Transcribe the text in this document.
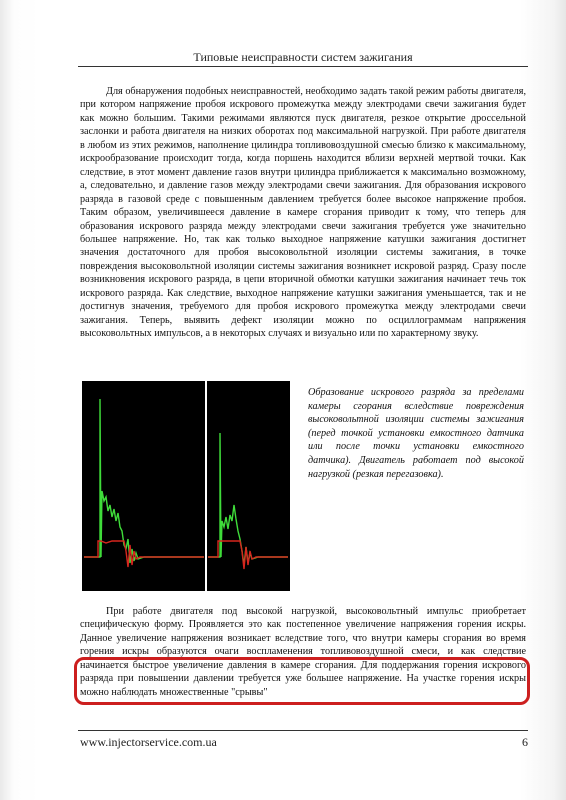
Типовые неисправности систем зажигания

Для обнаружения подобных неисправностей, необходимо задать такой режим работы двигателя, при котором напряжение пробоя искрового промежутка между электродами свечи зажигания будет как можно большим. Такими режимами являются пуск двигателя, резкое открытие дроссельной заслонки и работа двигателя на низких оборотах под максимальной нагрузкой. При работе двигателя в любом из этих режимов, наполнение цилиндра топливовоздушной смесью близко к максимальному, искрообразование происходит тогда, когда поршень находится вблизи верхней мертвой точки. Как следствие, в этот момент давление газов внутри цилиндра приближается к максимально возможному, а, следовательно, и давление газов между электродами свечи зажигания. Для образования искрового разряда в газовой среде с повышенным давлением требуется более высокое напряжение пробоя. Таким образом, увеличившееся давление в камере сгорания приводит к тому, что теперь для образования искрового разряда между электродами свечи зажигания требуется уже значительно большее напряжение. Но, так как только выходное напряжение катушки зажигания достигнет значения достаточного для пробоя высоковольтной изоляции системы зажигания, в точке повреждения высоковольтной изоляции системы зажигания возникнет искровой разряд. Сразу после возникновения искрового разряда, в цепи вторичной обмотки катушки зажигания начинает течь ток искрового разряда. Как следствие, выходное напряжение катушки зажигания уменьшается, так и не достигнув значения, требуемого для пробоя искрового промежутка между электродами свечи зажигания. Теперь, выявить дефект изоляции можно по осциллограммам напряжения высоковольтных импульсов, а в некоторых случаях и визуально или по характерному звуку.

Образование искрового разряда за пределами камеры сгорания вследствие повреждения высоковольтной изоляции системы зажигания (перед точкой установки емкостного датчика или после точки установки емкостного датчика). Двигатель работает под высокой нагрузкой (резкая перегазовка).

При работе двигателя под высокой нагрузкой, высоковольтный импульс приобретает специфическую форму. Проявляется это как постепенное увеличение напряжения горения искры. Данное увеличение напряжения возникает вследствие того, что внутри камеры сгорания во время горения искры образуются очаги воспламенения топливовоздушной смеси, и как следствие начинается быстрое увеличение давления в камере сгорания. Для поддержания горения искрового разряда при повышении давлении требуется уже большее напряжение. На участке горения искры можно наблюдать множественные "срывы"

www.injectorservice.com.ua	6
